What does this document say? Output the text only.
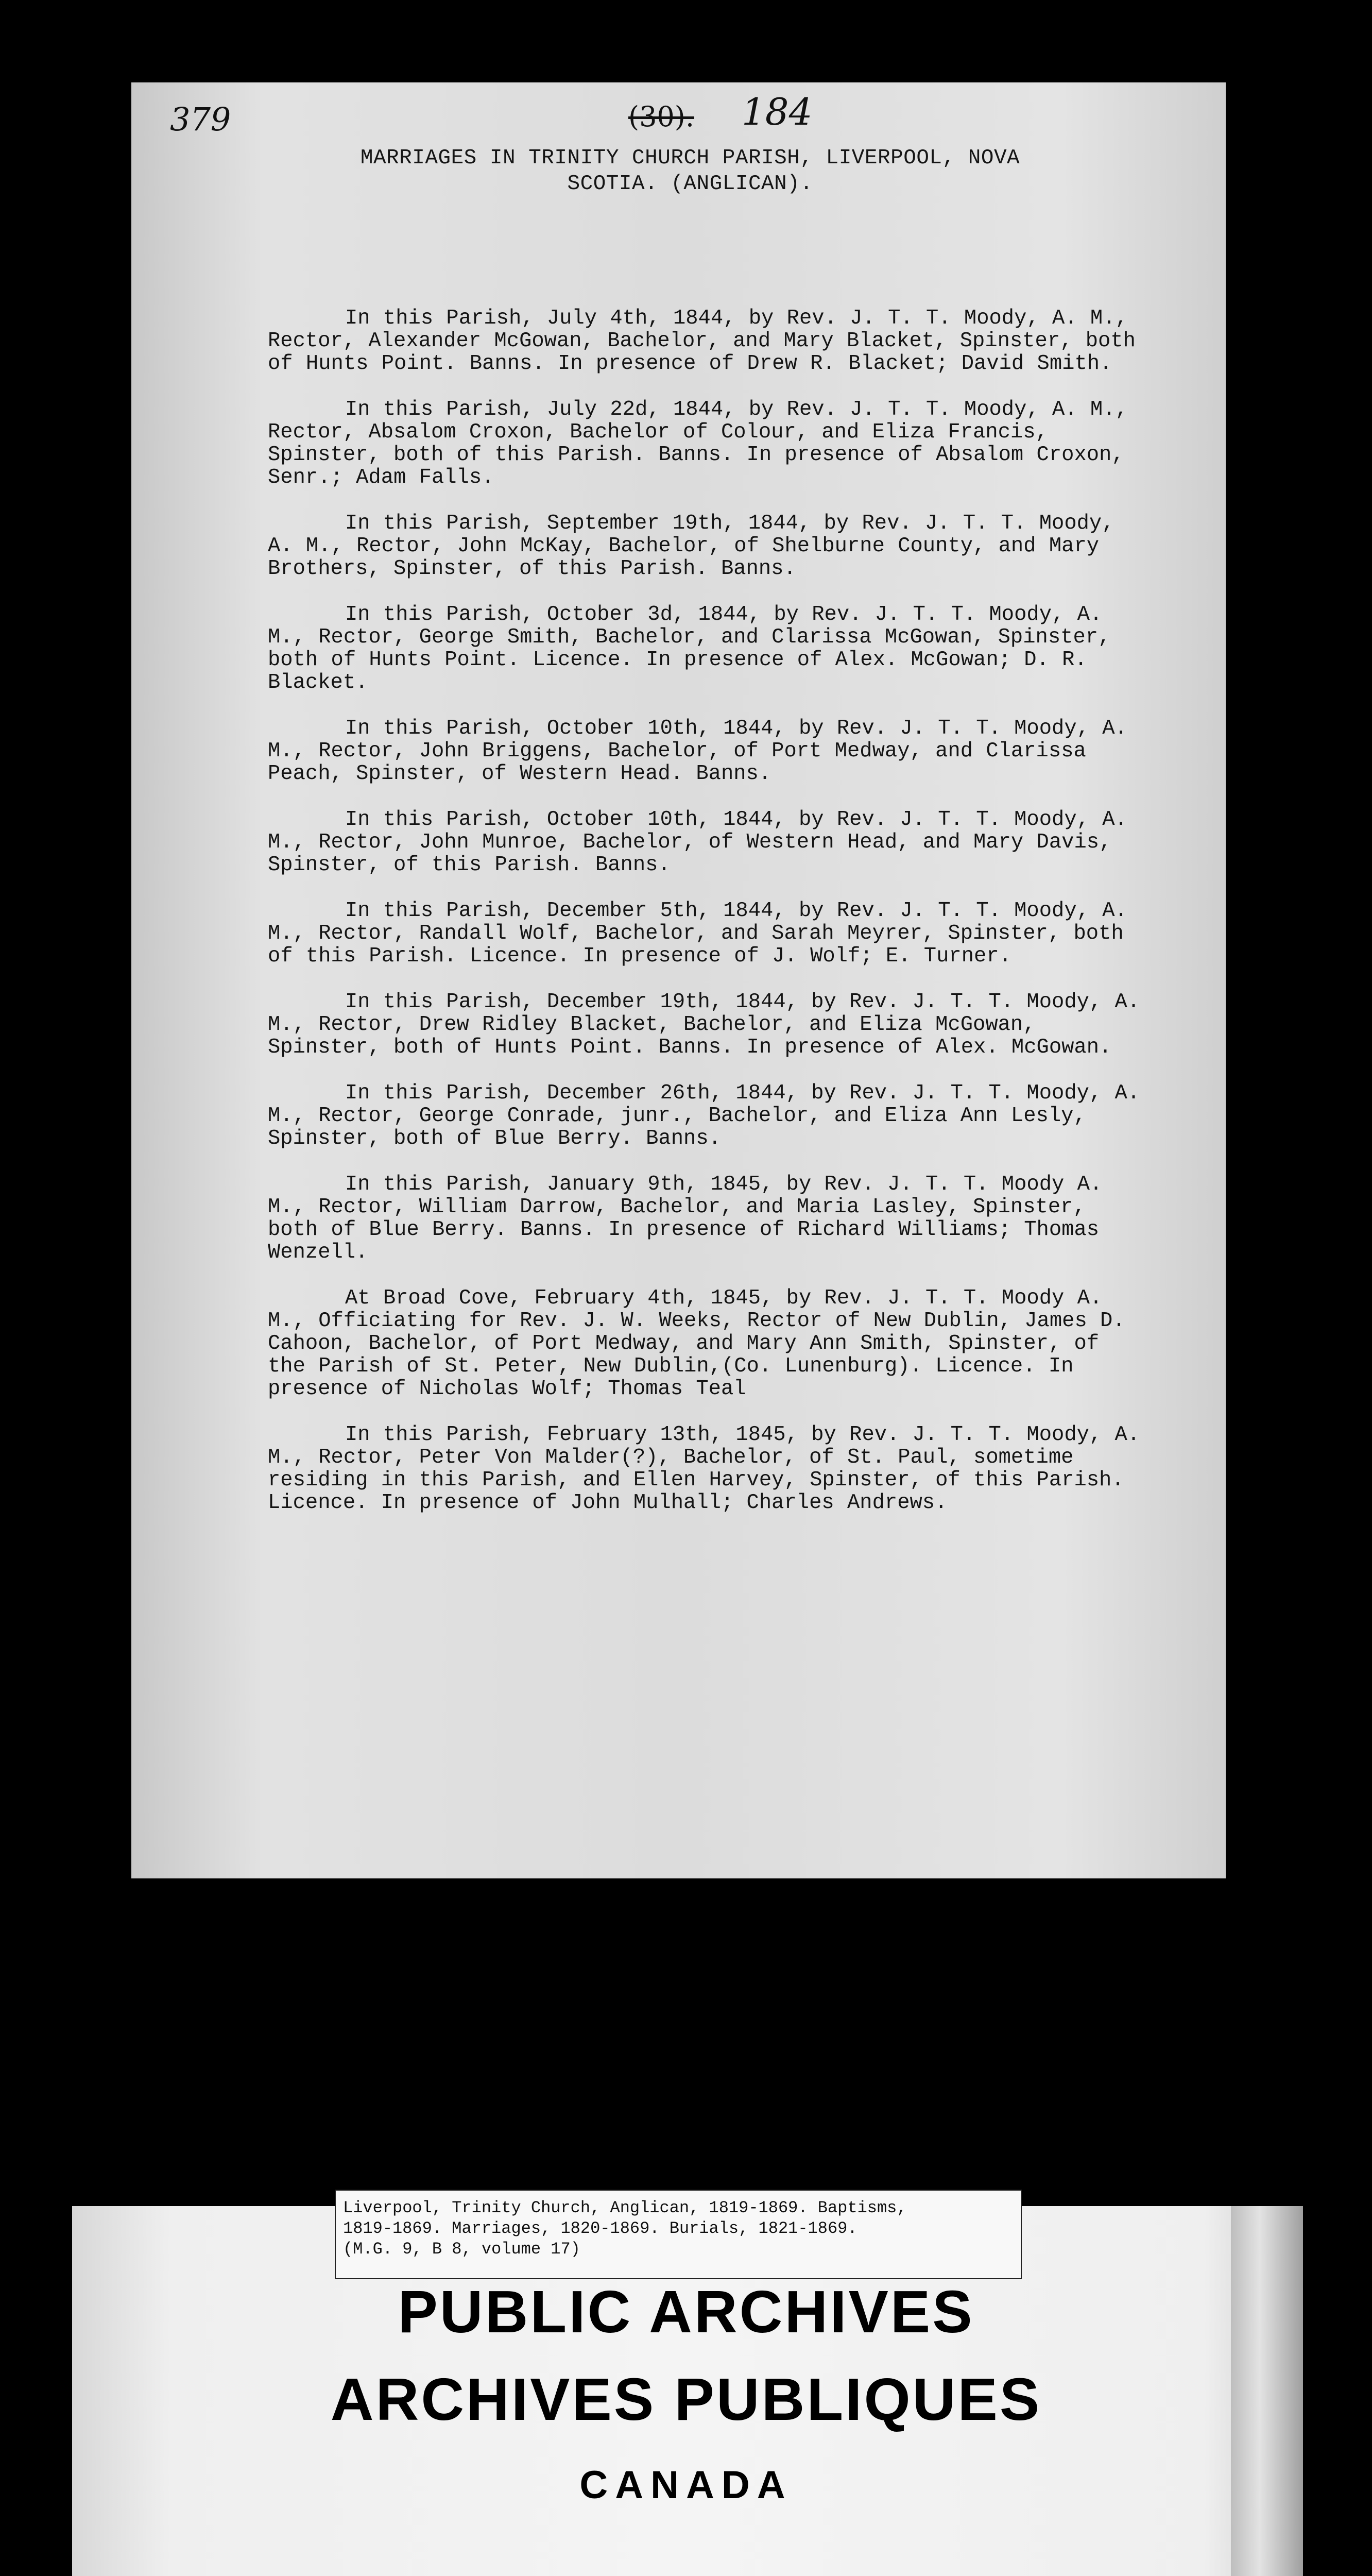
379	(30). 184
MARRIAGES IN TRINITY CHURCH PARISH, LIVERPOOL, NOVA
SCOTIA. (ANGLICAN).

In this Parish, July 4th, 1844, by Rev. J. T. T. Moody, A. M., Rector, Alexander McGowan, Bachelor, and Mary Blacket, Spinster, both of Hunts Point. Banns. In presence of Drew R. Blacket; David Smith.

In this Parish, July 22d, 1844, by Rev. J. T. T. Moody, A. M., Rector, Absalom Croxon, Bachelor of Colour, and Eliza Francis, Spinster, both of this Parish. Banns. In presence of Absalom Croxon, Senr.; Adam Falls.

In this Parish, September 19th, 1844, by Rev. J. T. T. Moody, A. M., Rector, John McKay, Bachelor, of Shelburne County, and Mary Brothers, Spinster, of this Parish. Banns.

In this Parish, October 3d, 1844, by Rev. J. T. T. Moody, A. M., Rector, George Smith, Bachelor, and Clarissa McGowan, Spinster, both of Hunts Point. Licence. In presence of Alex. McGowan; D. R. Blacket.

In this Parish, October 10th, 1844, by Rev. J. T. T. Moody, A. M., Rector, John Briggens, Bachelor, of Port Medway, and Clarissa Peach, Spinster, of Western Head. Banns.

In this Parish, October 10th, 1844, by Rev. J. T. T. Moody, A. M., Rector, John Munroe, Bachelor, of Western Head, and Mary Davis, Spinster, of this Parish. Banns.

In this Parish, December 5th, 1844, by Rev. J. T. T. Moody, A. M., Rector, Randall Wolf, Bachelor, and Sarah Meyrer, Spinster, both of this Parish. Licence. In presence of J. Wolf; E. Turner.

In this Parish, December 19th, 1844, by Rev. J. T. T. Moody, A. M., Rector, Drew Ridley Blacket, Bachelor, and Eliza McGowan, Spinster, both of Hunts Point. Banns. In presence of Alex. McGowan.

In this Parish, December 26th, 1844, by Rev. J. T. T. Moody, A. M., Rector, George Conrade, junr., Bachelor, and Eliza Ann Lesly, Spinster, both of Blue Berry. Banns.

In this Parish, January 9th, 1845, by Rev. J. T. T. Moody A. M., Rector, William Darrow, Bachelor, and Maria Lasley, Spinster, both of Blue Berry. Banns. In presence of Richard Williams; Thomas Wenzell.

At Broad Cove, February 4th, 1845, by Rev. J. T. T. Moody A. M., Officiating for Rev. J. W. Weeks, Rector of New Dublin, James D. Cahoon, Bachelor, of Port Medway, and Mary Ann Smith, Spinster, of the Parish of St. Peter, New Dublin,(Co. Lunenburg). Licence. In presence of Nicholas Wolf; Thomas Teal

In this Parish, February 13th, 1845, by Rev. J. T. T. Moody, A. M., Rector, Peter Von Malder(?), Bachelor, of St. Paul, sometime residing in this Parish, and Ellen Harvey, Spinster, of this Parish. Licence. In presence of John Mulhall; Charles Andrews.

Liverpool, Trinity Church, Anglican, 1819-1869. Baptisms,
1819-1869. Marriages, 1820-1869. Burials, 1821-1869.
(M.G. 9, B 8, volume 17)
PUBLIC ARCHIVES
ARCHIVES PUBLIQUES
CANADA
